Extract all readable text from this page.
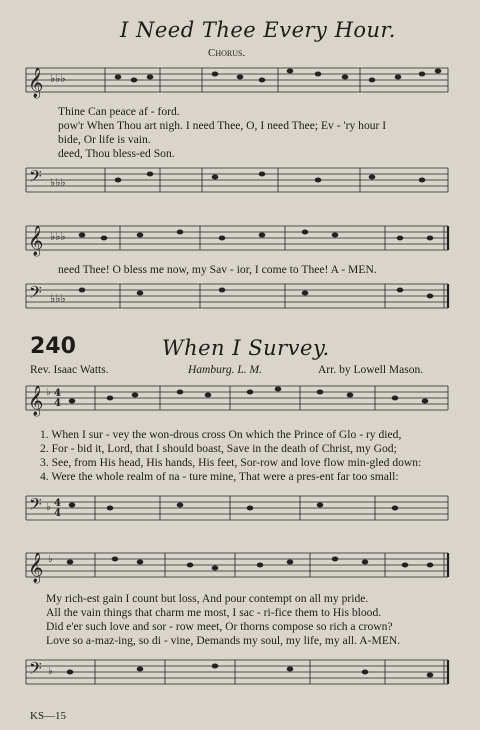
I Need Thee Every Hour.
Chorus.
𝄞 ♭♭♭
Thine Can peace af - ford.
pow'r When Thou art nigh. I need Thee, O, I need Thee; Ev - 'ry hour I
bide, Or life is vain.
deed, Thou bless-ed Son.
𝄢 ♭♭♭
𝄞 ♭♭♭
need Thee! O bless me now, my Sav - ior, I come to Thee! A - MEN.
𝄢 ♭♭♭
240	When I Survey.
Rev. Isaac Watts.	Hamburg. L. M.	Arr. by Lowell Mason.
𝄞 ♭ 4
4
1. When I sur - vey the won-drous cross On which the Prince of Glo - ry died,
2. For - bid it, Lord, that I should boast, Save in the death of Christ, my God;
3. See, from His head, His hands, His feet, Sor-row and love flow min-gled down:
4. Were the whole realm of na - ture mine, That were a pres-ent far too small:
𝄢 ♭ 4
4
𝄞 ♭
My rich-est gain I count but loss, And pour contempt on all my pride.
All the vain things that charm me most, I sac - ri-fice them to His blood.
Did e'er such love and sor - row meet, Or thorns compose so rich a crown?
Love so a-maz-ing, so di - vine, Demands my soul, my life, my all. A-MEN.
𝄢 ♭
KS—15
